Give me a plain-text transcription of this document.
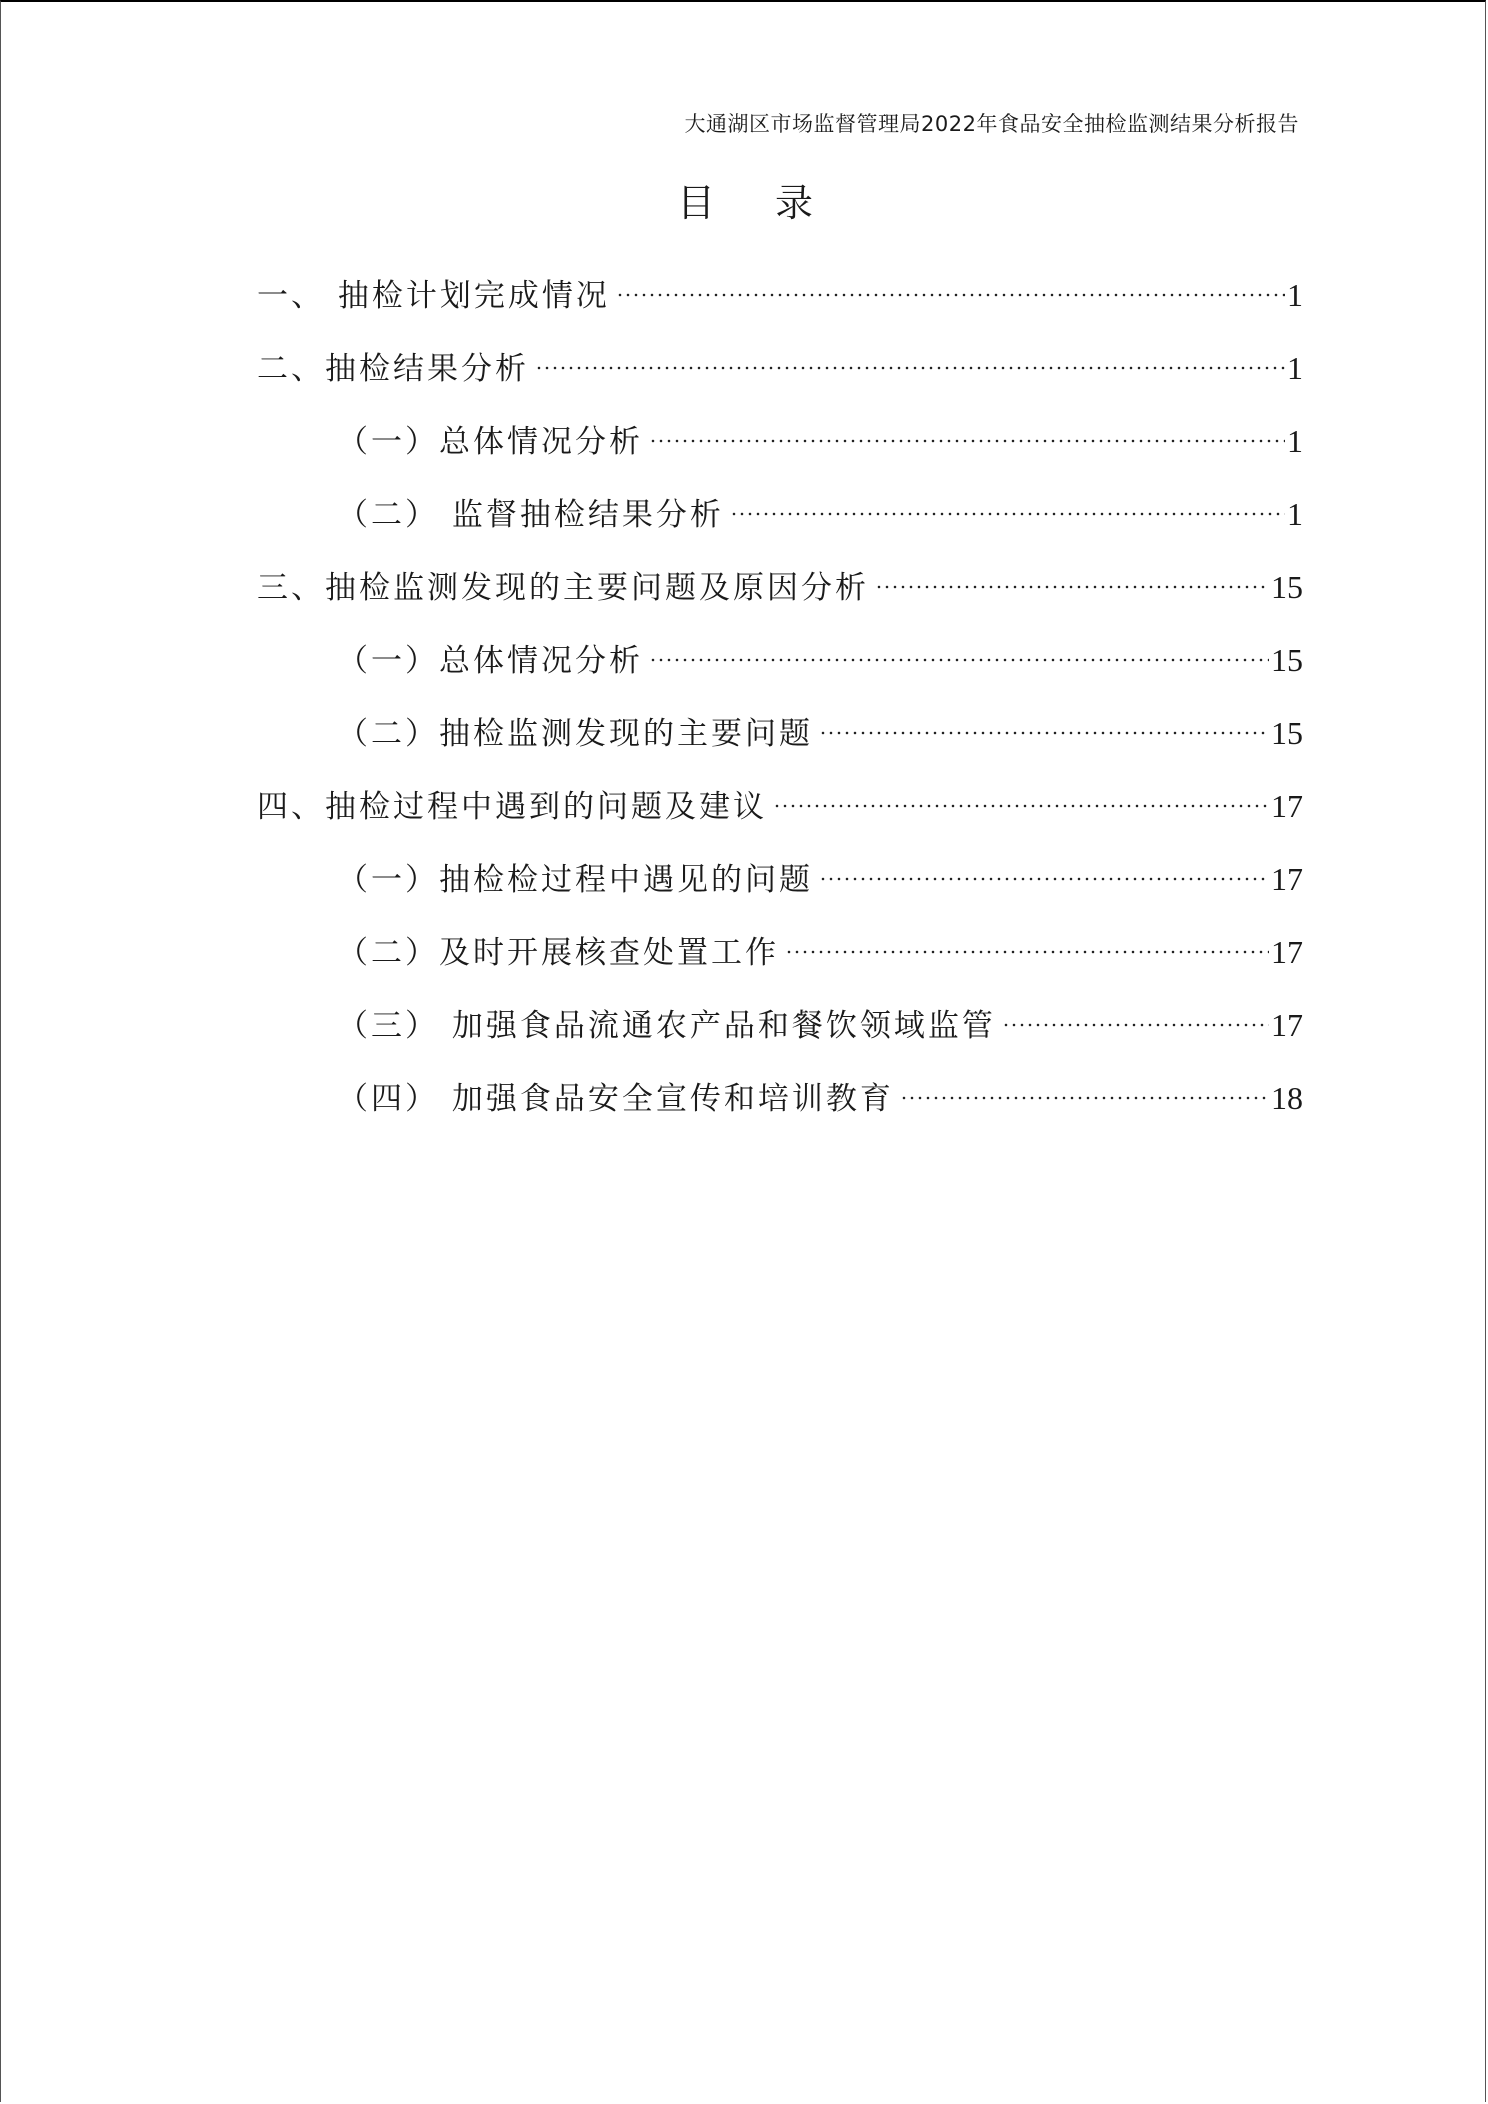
大通湖区市场监督管理局2022年食品安全抽检监测结果分析报告
目 录
一、 抽检计划完成情况	1
二、抽检结果分析	1
（一）总体情况分析	1
（二） 监督抽检结果分析	1
三、抽检监测发现的主要问题及原因分析	15
（一）总体情况分析	15
（二）抽检监测发现的主要问题	15
四、抽检过程中遇到的问题及建议	17
（一）抽检检过程中遇见的问题	17
（二）及时开展核查处置工作	17
（三） 加强食品流通农产品和餐饮领域监管	17
（四） 加强食品安全宣传和培训教育	18
